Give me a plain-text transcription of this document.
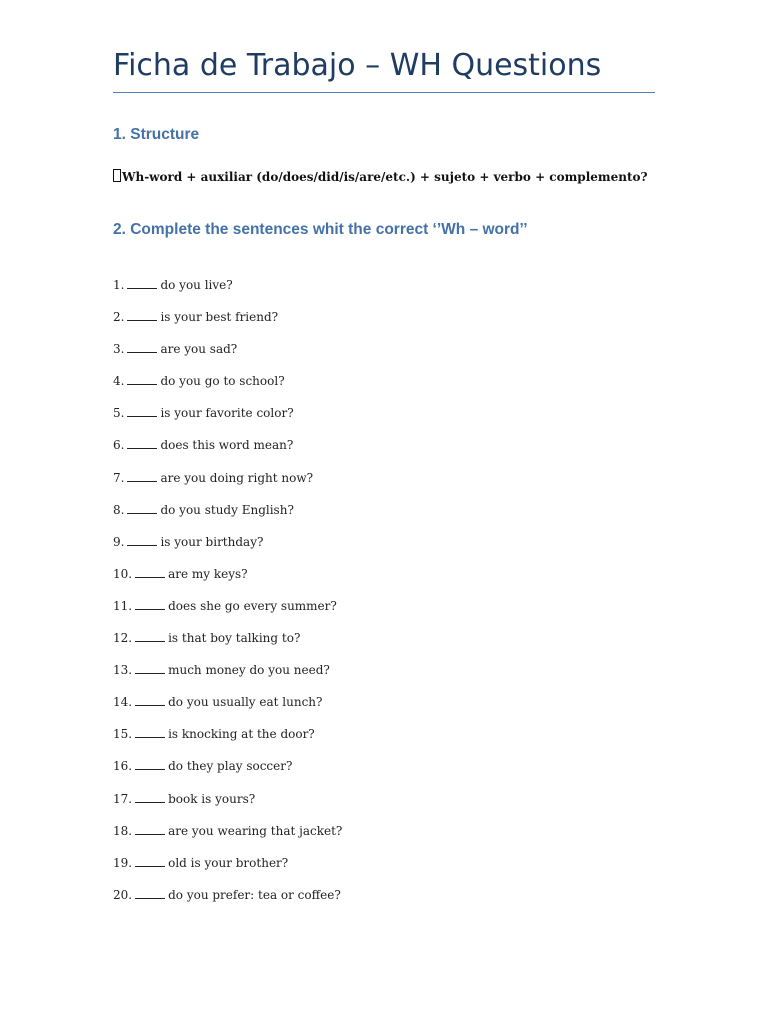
Ficha de Trabajo – WH Questions
1. Structure

Wh-word + auxiliar (do/does/did/is/are/etc.) + sujeto + verbo + complemento?

2. Complete the sentences whit the correct ‘’Wh – word’’
1.	do you live?
2.	is your best friend?
3.	are you sad?
4.	do you go to school?
5.	is your favorite color?
6.	does this word mean?
7.	are you doing right now?
8.	do you study English?
9.	is your birthday?
10.	are my keys?
11.	does she go every summer?
12.	is that boy talking to?
13.	much money do you need?
14.	do you usually eat lunch?
15.	is knocking at the door?
16.	do they play soccer?
17.	book is yours?
18.	are you wearing that jacket?
19.	old is your brother?
20.	do you prefer: tea or coffee?
